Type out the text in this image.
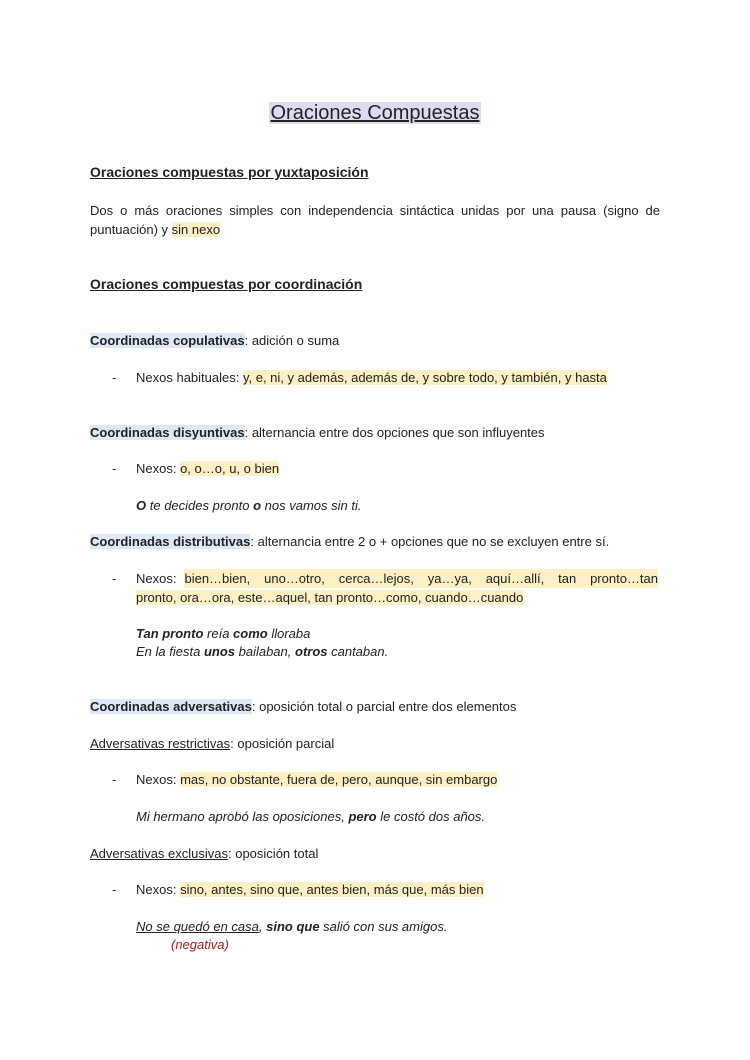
Oraciones Compuestas
Oraciones compuestas por yuxtaposición
Dos o más oraciones simples con independencia sintáctica unidas por una pausa (signo de puntuación) y sin nexo
Oraciones compuestas por coordinación
Coordinadas copulativas: adición o suma
-	Nexos habituales: y, e, ni, y además, además de, y sobre todo, y también, y hasta
Coordinadas disyuntivas: alternancia entre dos opciones que son influyentes
-	Nexos: o, o…o, u, o bien
O te decides pronto o nos vamos sin ti.
Coordinadas distributivas: alternancia entre 2 o + opciones que no se excluyen entre sí.
-	Nexos: bien…bien, uno…otro, cerca…lejos, ya…ya, aquí…allí, tan pronto…tan
pronto, ora…ora, este…aquel, tan pronto…como, cuando…cuando
Tan pronto reía como lloraba
En la fiesta unos bailaban, otros cantaban.
Coordinadas adversativas: oposición total o parcial entre dos elementos
Adversativas restrictivas: oposición parcial
-	Nexos: mas, no obstante, fuera de, pero, aunque, sin embargo
Mi hermano aprobó las oposiciones, pero le costó dos años.
Adversativas exclusivas: oposición total
-	Nexos: sino, antes, sino que, antes bien, más que, más bien
No se quedó en casa, sino que salió con sus amigos.
(negativa)
